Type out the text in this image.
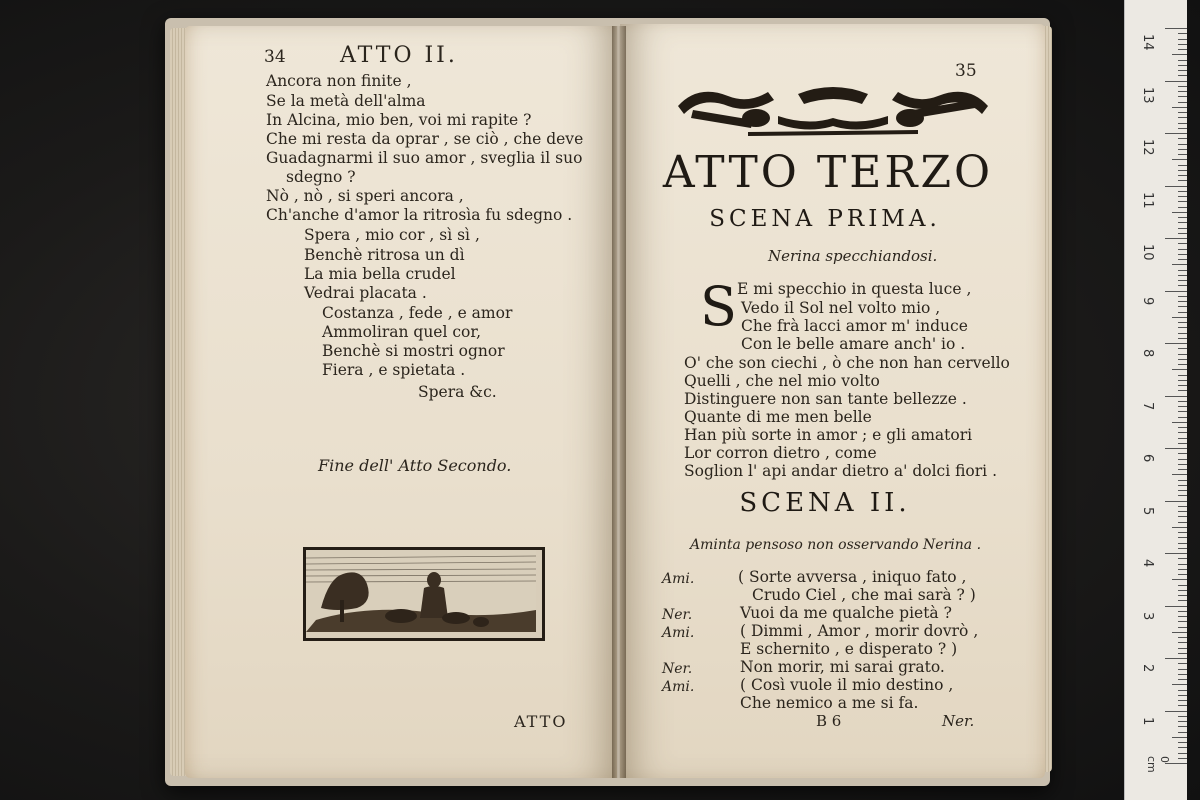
34 ATTO II.
Ancora non finite ,
Se la metà dell'alma
In Alcina, mio ben, voi mi rapite ?
Che mi resta da oprar , se ciò , che deve
Guadagnarmi il suo amor , sveglia il suo
sdegno ?
Nò , nò , si speri ancora ,
Ch'anche d'amor la ritrosìa fu sdegno .
Spera , mio cor , sì sì ,
Benchè ritrosa un dì
La mia bella crudel
Vedrai placata .
Costanza , fede , e amor
Ammoliran quel cor,
Benchè si mostri ognor
Fiera , e spietata .
Spera &c.
Fine dell' Atto Secondo.
ATTO
35
ATTO TERZO
SCENA PRIMA.
Nerina specchiandosi.
S E mi specchio in questa luce ,
Vedo il Sol nel volto mio ,
Che frà lacci amor m' induce
Con le belle amare anch' io .
O' che son ciechi , ò che non han cervello
Quelli , che nel mio volto
Distinguere non san tante bellezze .
Quante di me men belle
Han più sorte in amor ; e gli amatori
Lor corron dietro , come
Soglion l' api andar dietro a' dolci fiori .
SCENA II.
Aminta pensoso non osservando Nerina .
Ami.	( Sorte avversa , iniquo fato ,
Crudo Ciel , che mai sarà ? )
Ner.	Vuoi da me qualche pietà ?
Ami.	( Dimmi , Amor , morir dovrò ,
E schernito , e disperato ? )
Ner.	Non morir, mi sarai grato.
Ami.	( Così vuole il mio destino ,
Che nemico a me si fa.
B 6	Ner.
14
13
12
11
10
9
8
7
6
5
4
3
2
1
0 cm
